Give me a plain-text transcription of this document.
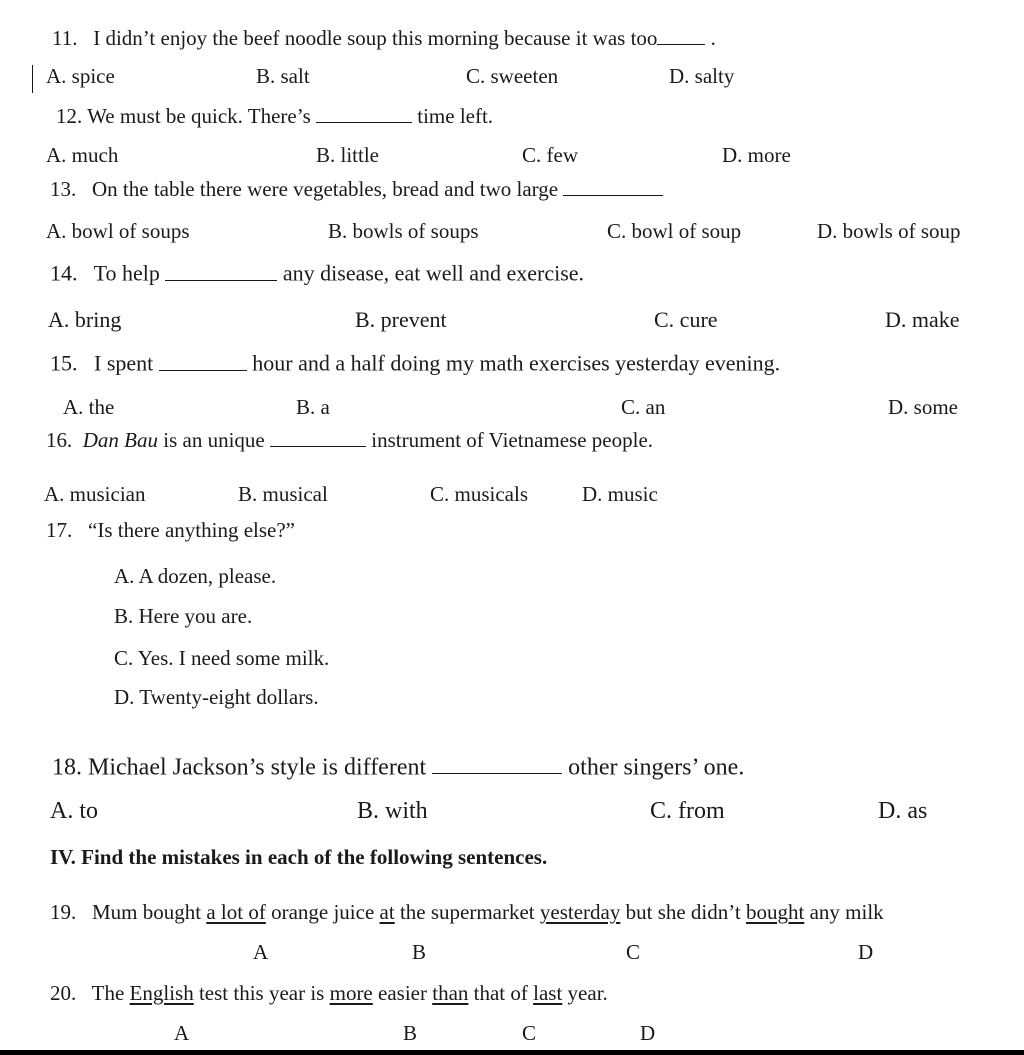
11. I didn’t enjoy the beef noodle soup this morning because it was too	.
A. spice	B. salt	C. sweeten	D. salty
12. We must be quick. There’s	time left.
A. much	B. little	C. few	D. more
13. On the table there were vegetables, bread and two large
A. bowl of soups	B. bowls of soups	C. bowl of soup	D. bowls of soup
14. To help	any disease, eat well and exercise.
A. bring	B. prevent	C. cure	D. make
15. I spent	hour and a half doing my math exercises yesterday evening.
A. the	B. a	C. an	D. some
16. Dan Bau is an unique	instrument of Vietnamese people.
A. musician	B. musical	C. musicals	D. music
17. “Is there anything else?”
A. A dozen, please.
B. Here you are.
C. Yes. I need some milk.
D. Twenty-eight dollars.
18. Michael Jackson’s style is different	other singers’ one.
A. to	B. with	C. from	D. as
IV. Find the mistakes in each of the following sentences.
19. Mum bought a lot of orange juice at the supermarket yesterday but she didn’t bought any milk
A	B	C	D
20. The English test this year is more easier than that of last year.
A	B	C	D
